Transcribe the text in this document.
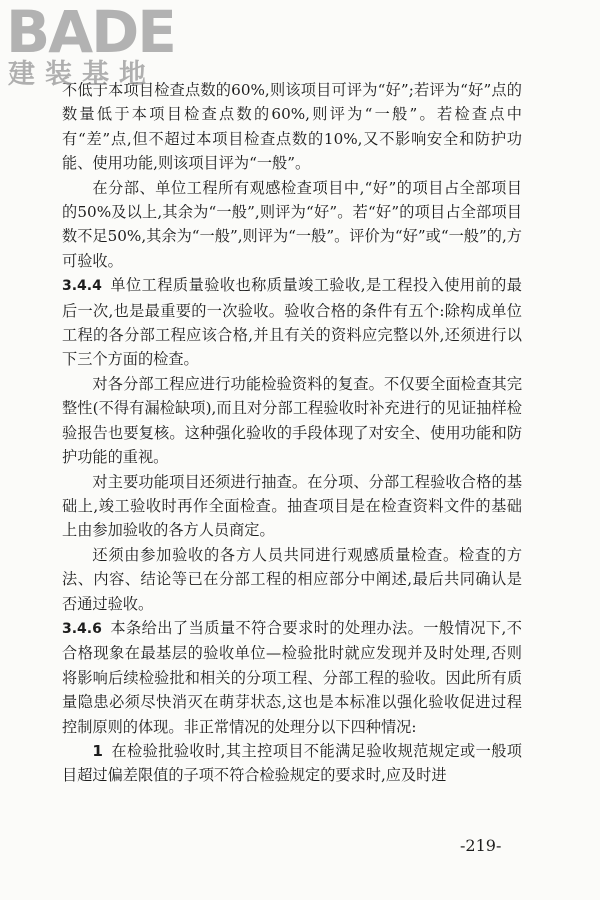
BADE
建装基地

不低于本项目检查点数的60%,则该项目可评为“好”;若评为“好”点的数量低于本项目检查点数的60%,则评为“一般”。若检查点中有“差”点,但不超过本项目检查点数的10%,又不影响安全和防护功能、使用功能,则该项目评为“一般”。

在分部、单位工程所有观感检查项目中,“好”的项目占全部项目的50%及以上,其余为“一般”,则评为“好”。若“好”的项目占全部项目数不足50%,其余为“一般”,则评为“一般”。评价为“好”或“一般”的,方可验收。

3.4.4 单位工程质量验收也称质量竣工验收,是工程投入使用前的最后一次,也是最重要的一次验收。验收合格的条件有五个:除构成单位工程的各分部工程应该合格,并且有关的资料应完整以外,还须进行以下三个方面的检查。

对各分部工程应进行功能检验资料的复查。不仅要全面检查其完整性(不得有漏检缺项),而且对分部工程验收时补充进行的见证抽样检验报告也要复核。这种强化验收的手段体现了对安全、使用功能和防护功能的重视。

对主要功能项目还须进行抽查。在分项、分部工程验收合格的基础上,竣工验收时再作全面检查。抽查项目是在检查资料文件的基础上由参加验收的各方人员商定。

还须由参加验收的各方人员共同进行观感质量检查。检查的方法、内容、结论等已在分部工程的相应部分中阐述,最后共同确认是否通过验收。

3.4.6 本条给出了当质量不符合要求时的处理办法。一般情况下,不合格现象在最基层的验收单位—检验批时就应发现并及时处理,否则将影响后续检验批和相关的分项工程、分部工程的验收。因此所有质量隐患必须尽快消灭在萌芽状态,这也是本标准以强化验收促进过程控制原则的体现。非正常情况的处理分以下四种情况:

1 在检验批验收时,其主控项目不能满足验收规范规定或一般项目超过偏差限值的子项不符合检验规定的要求时,应及时进

-219-
